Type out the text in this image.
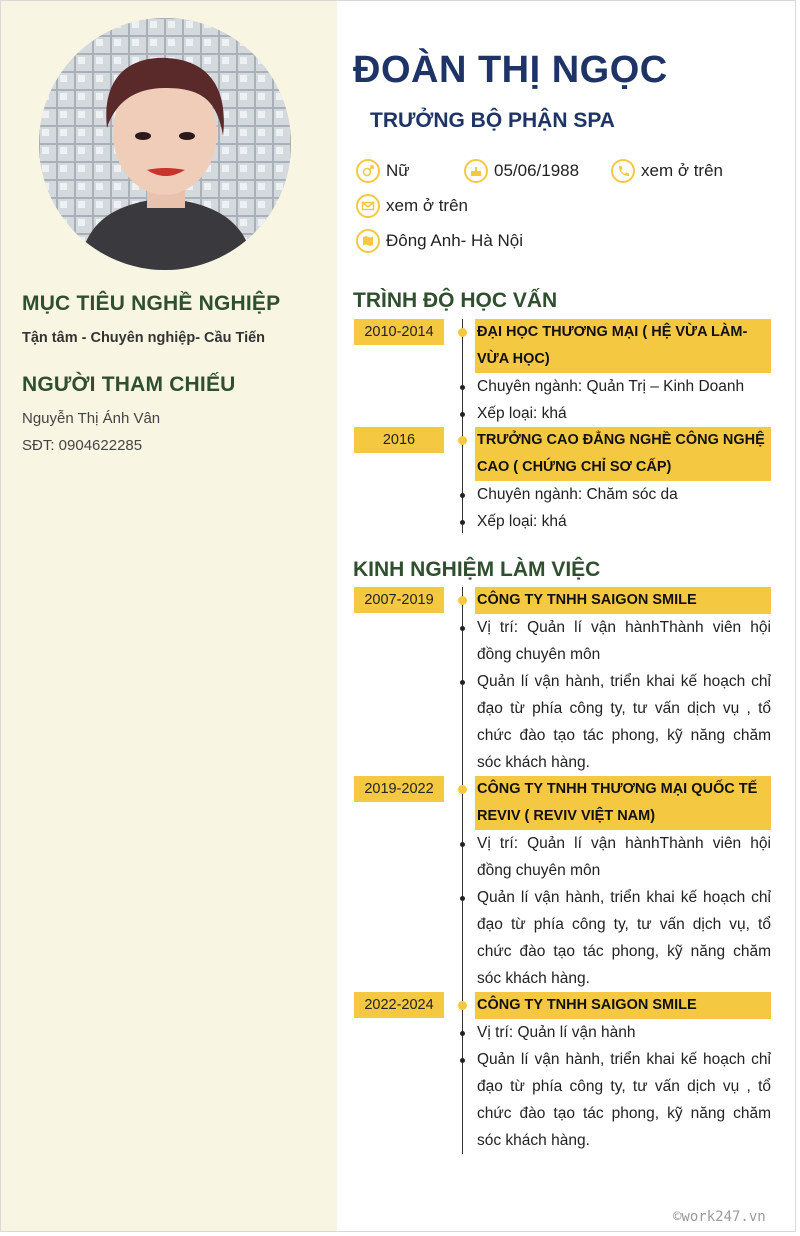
MỤC TIÊU NGHỀ NGHIỆP
Tận tâm - Chuyên nghiệp- Cầu Tiến
NGƯỜI THAM CHIẾU
Nguyễn Thị Ánh Vân
SĐT: 0904622285
ĐOÀN THỊ NGỌC
TRƯỞNG BỘ PHẬN SPA
Nữ	05/06/1988	xem ở trên
xem ở trên
Đông Anh- Hà Nội
TRÌNH ĐỘ HỌC VẤN
2010-2014	ĐẠI HỌC THƯƠNG MẠI ( HỆ VỪA LÀM- VỪA HỌC)
Chuyên ngành: Quản Trị – Kinh Doanh
Xếp loại: khá
2016	TRƯỞNG CAO ĐẲNG NGHỀ CÔNG NGHỆ CAO ( CHỨNG CHỈ SƠ CẤP)
Chuyên ngành: Chăm sóc da
Xếp loại: khá
KINH NGHIỆM LÀM VIỆC
2007-2019	CÔNG TY TNHH SAIGON SMILE
Vị trí: Quản lí vận hànhThành viên hội đồng chuyên môn
Quản lí vận hành, triển khai kế hoạch chỉ đạo từ phía công ty, tư vấn dịch vụ , tổ chức đào tạo tác phong, kỹ năng chăm sóc khách hàng.
2019-2022	CÔNG TY TNHH THƯƠNG MẠI QUỐC TẾ REVIV ( REVIV VIỆT NAM)
Vị trí: Quản lí vận hànhThành viên hội đồng chuyên môn
Quản lí vận hành, triển khai kế hoạch chỉ đạo từ phía công ty, tư vấn dịch vụ, tổ chức đào tạo tác phong, kỹ năng chăm sóc khách hàng.
2022-2024	CÔNG TY TNHH SAIGON SMILE
Vị trí: Quản lí vận hành
Quản lí vận hành, triển khai kế hoạch chỉ đạo từ phía công ty, tư vấn dịch vụ , tổ chức đào tạo tác phong, kỹ năng chăm sóc khách hàng.
©work247.vn
